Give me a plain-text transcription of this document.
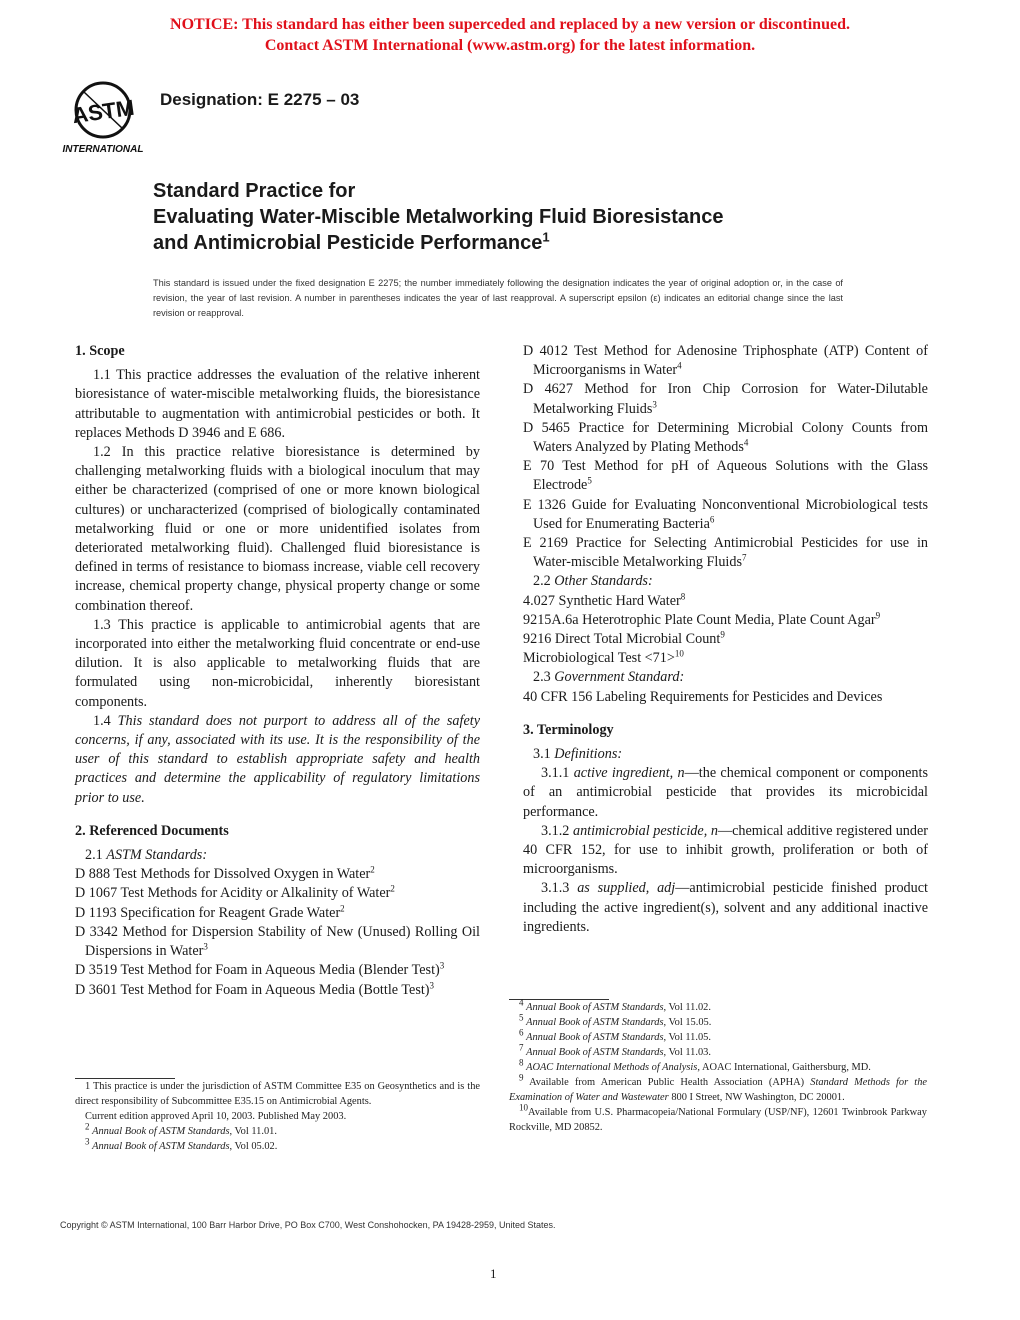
NOTICE: This standard has either been superceded and replaced by a new version or discontinued.
Contact ASTM International (www.astm.org) for the latest information.
ASTM
INTERNATIONAL
Designation: E 2275 – 03
Standard Practice for
Evaluating Water-Miscible Metalworking Fluid Bioresistance
and Antimicrobial Pesticide Performance$^1$
This standard is issued under the fixed designation E 2275; the number immediately following the designation indicates the year of original adoption or, in the case of revision, the year of last revision. A number in parentheses indicates the year of last reapproval. A superscript epsilon (ε) indicates an editorial change since the last revision or reapproval.
1. Scope

1.1 This practice addresses the evaluation of the relative inherent bioresistance of water-miscible metalworking fluids, the bioresistance attributable to augmentation with antimicrobial pesticides or both. It replaces Methods D 3946 and E 686.

1.2 In this practice relative bioresistance is determined by challenging metalworking fluids with a biological inoculum that may either be characterized (comprised of one or more known biological cultures) or uncharacterized (comprised of biologically contaminated metalworking fluid or one or more unidentified isolates from deteriorated metalworking fluid). Challenged fluid bioresistance is defined in terms of resistance to biomass increase, viable cell recovery increase, chemical property change, physical property change or some combination thereof.

1.3 This practice is applicable to antimicrobial agents that are incorporated into either the metalworking fluid concentrate or end-use dilution. It is also applicable to metalworking fluids that are formulated using non-microbicidal, inherently bioresistant components.

1.4 This standard does not purport to address all of the safety concerns, if any, associated with its use. It is the responsibility of the user of this standard to establish appropriate safety and health practices and determine the applicability of regulatory limitations prior to use.

2. Referenced Documents
2.1 ASTM Standards:
D 888 Test Methods for Dissolved Oxygen in Water$^2$
D 1067 Test Methods for Acidity or Alkalinity of Water$^2$
D 1193 Specification for Reagent Grade Water$^2$
D 3342 Method for Dispersion Stability of New (Unused) Rolling Oil Dispersions in Water$^3$
D 3519 Test Method for Foam in Aqueous Media (Blender Test)$^3$
D 3601 Test Method for Foam in Aqueous Media (Bottle Test)$^3$
D 4012 Test Method for Adenosine Triphosphate (ATP) Content of Microorganisms in Water$^4$
D 4627 Method for Iron Chip Corrosion for Water-Dilutable Metalworking Fluids$^3$
D 5465 Practice for Determining Microbial Colony Counts from Waters Analyzed by Plating Methods$^4$
E 70 Test Method for pH of Aqueous Solutions with the Glass Electrode$^5$
E 1326 Guide for Evaluating Nonconventional Microbiological tests Used for Enumerating Bacteria$^6$
E 2169 Practice for Selecting Antimicrobial Pesticides for use in Water-miscible Metalworking Fluids$^7$
2.2 Other Standards:
4.027 Synthetic Hard Water$^8$
9215A.6a Heterotrophic Plate Count Media, Plate Count Agar$^9$
9216 Direct Total Microbial Count$^9$
Microbiological Test <71>$^{10}$
2.3 Government Standard:
40 CFR 156 Labeling Requirements for Pesticides and Devices
3. Terminology
3.1 Definitions:

3.1.1 active ingredient, n—the chemical component or components of an antimicrobial pesticide that provides its microbicidal performance.

3.1.2 antimicrobial pesticide, n—chemical additive registered under 40 CFR 152, for use to inhibit growth, proliferation or both of microorganisms.

3.1.3 as supplied, adj—antimicrobial pesticide finished product including the active ingredient(s), solvent and any additional inactive ingredients.

1 This practice is under the jurisdiction of ASTM Committee E35 on Geosynthetics and is the direct responsibility of Subcommittee E35.15 on Antimicrobial Agents.

Current edition approved April 10, 2003. Published May 2003.

$^2$ Annual Book of ASTM Standards, Vol 11.01.

$^3$ Annual Book of ASTM Standards, Vol 05.02.

$^4$ Annual Book of ASTM Standards, Vol 11.02.

$^5$ Annual Book of ASTM Standards, Vol 15.05.

$^6$ Annual Book of ASTM Standards, Vol 11.05.

$^7$ Annual Book of ASTM Standards, Vol 11.03.

$^8$ AOAC International Methods of Analysis, AOAC International, Gaithersburg, MD.

$^9$ Available from American Public Health Association (APHA) Standard Methods for the Examination of Water and Wastewater 800 I Street, NW Washington, DC 20001.

$^{10}$Available from U.S. Pharmacopeia/National Formulary (USP/NF), 12601 Twinbrook Parkway Rockville, MD 20852.

Copyright © ASTM International, 100 Barr Harbor Drive, PO Box C700, West Conshohocken, PA 19428-2959, United States.
1
